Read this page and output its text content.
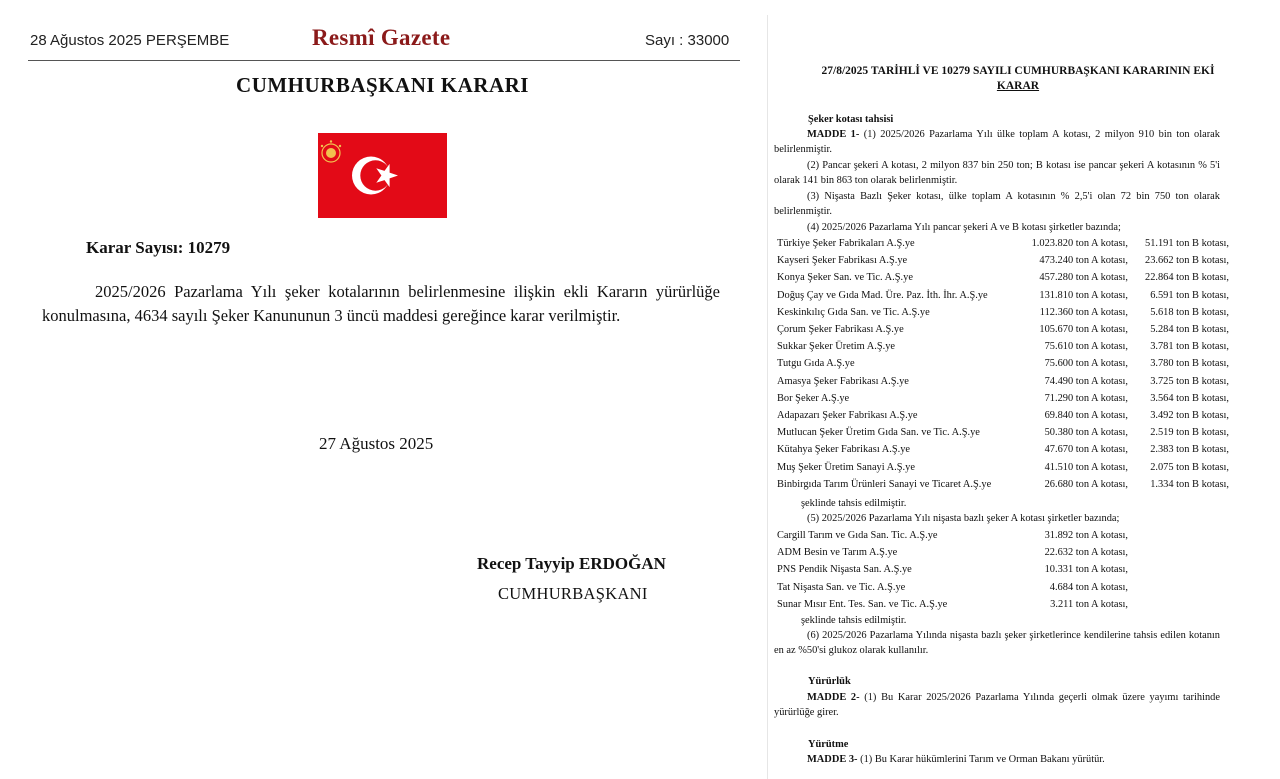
28 Ağustos 2025 PERŞEMBE	Resmî Gazete	Sayı : 33000
CUMHURBAŞKANI KARARI
Karar Sayısı: 10279
2025/2026 Pazarlama Yılı şeker kotalarının belirlenmesine ilişkin ekli Kararın yürürlüğe konulmasına, 4634 sayılı Şeker Kanununun 3 üncü maddesi gereğince karar verilmiştir.
27 Ağustos 2025
Recep Tayyip ERDOĞAN
CUMHURBAŞKANI
27/8/2025 TARİHLİ VE 10279 SAYILI CUMHURBAŞKANI KARARININ EKİ
KARAR
Şeker kotası tahsisi
MADDE 1- (1) 2025/2026 Pazarlama Yılı ülke toplam A kotası, 2 milyon 910 bin ton olarak belirlenmiştir.
(2) Pancar şekeri A kotası, 2 milyon 837 bin 250 ton; B kotası ise pancar şekeri A kotasının % 5'i olarak 141 bin 863 ton olarak belirlenmiştir.
(3) Nişasta Bazlı Şeker kotası, ülke toplam A kotasının % 2,5'i olan 72 bin 750 ton olarak belirlenmiştir.
(4) 2025/2026 Pazarlama Yılı pancar şekeri A ve B kotası şirketler bazında;
Türkiye Şeker Fabrikaları A.Ş.ye	1.023.820 ton A kotası,	51.191 ton B kotası,
Kayseri Şeker Fabrikası A.Ş.ye	473.240 ton A kotası,	23.662 ton B kotası,
Konya Şeker San. ve Tic. A.Ş.ye	457.280 ton A kotası,	22.864 ton B kotası,
Doğuş Çay ve Gıda Mad. Üre. Paz. İth. İhr. A.Ş.ye	131.810 ton A kotası,	6.591 ton B kotası,
Keskinkılıç Gıda San. ve Tic. A.Ş.ye	112.360 ton A kotası,	5.618 ton B kotası,
Çorum Şeker Fabrikası A.Ş.ye	105.670 ton A kotası,	5.284 ton B kotası,
Sukkar Şeker Üretim A.Ş.ye	75.610 ton A kotası,	3.781 ton B kotası,
Tutgu Gıda A.Ş.ye	75.600 ton A kotası,	3.780 ton B kotası,
Amasya Şeker Fabrikası A.Ş.ye	74.490 ton A kotası,	3.725 ton B kotası,
Bor Şeker A.Ş.ye	71.290 ton A kotası,	3.564 ton B kotası,
Adapazarı Şeker Fabrikası A.Ş.ye	69.840 ton A kotası,	3.492 ton B kotası,
Mutlucan Şeker Üretim Gıda San. ve Tic. A.Ş.ye	50.380 ton A kotası,	2.519 ton B kotası,
Kütahya Şeker Fabrikası A.Ş.ye	47.670 ton A kotası,	2.383 ton B kotası,
Muş Şeker Üretim Sanayi A.Ş.ye	41.510 ton A kotası,	2.075 ton B kotası,
Binbirgıda Tarım Ürünleri Sanayi ve Ticaret A.Ş.ye	26.680 ton A kotası,	1.334 ton B kotası,
şeklinde tahsis edilmiştir.
(5) 2025/2026 Pazarlama Yılı nişasta bazlı şeker A kotası şirketler bazında;
Cargill Tarım ve Gıda San. Tic. A.Ş.ye	31.892 ton A kotası,
ADM Besin ve Tarım A.Ş.ye	22.632 ton A kotası,
PNS Pendik Nişasta San. A.Ş.ye	10.331 ton A kotası,
Tat Nişasta San. ve Tic. A.Ş.ye	4.684 ton A kotası,
Sunar Mısır Ent. Tes. San. ve Tic. A.Ş.ye	3.211 ton A kotası,
şeklinde tahsis edilmiştir.
(6) 2025/2026 Pazarlama Yılında nişasta bazlı şeker şirketlerince kendilerine tahsis edilen kotanın en az %50'si glukoz olarak kullanılır.
Yürürlük
MADDE 2- (1) Bu Karar 2025/2026 Pazarlama Yılında geçerli olmak üzere yayımı tarihinde yürürlüğe girer.
Yürütme
MADDE 3- (1) Bu Karar hükümlerini Tarım ve Orman Bakanı yürütür.
